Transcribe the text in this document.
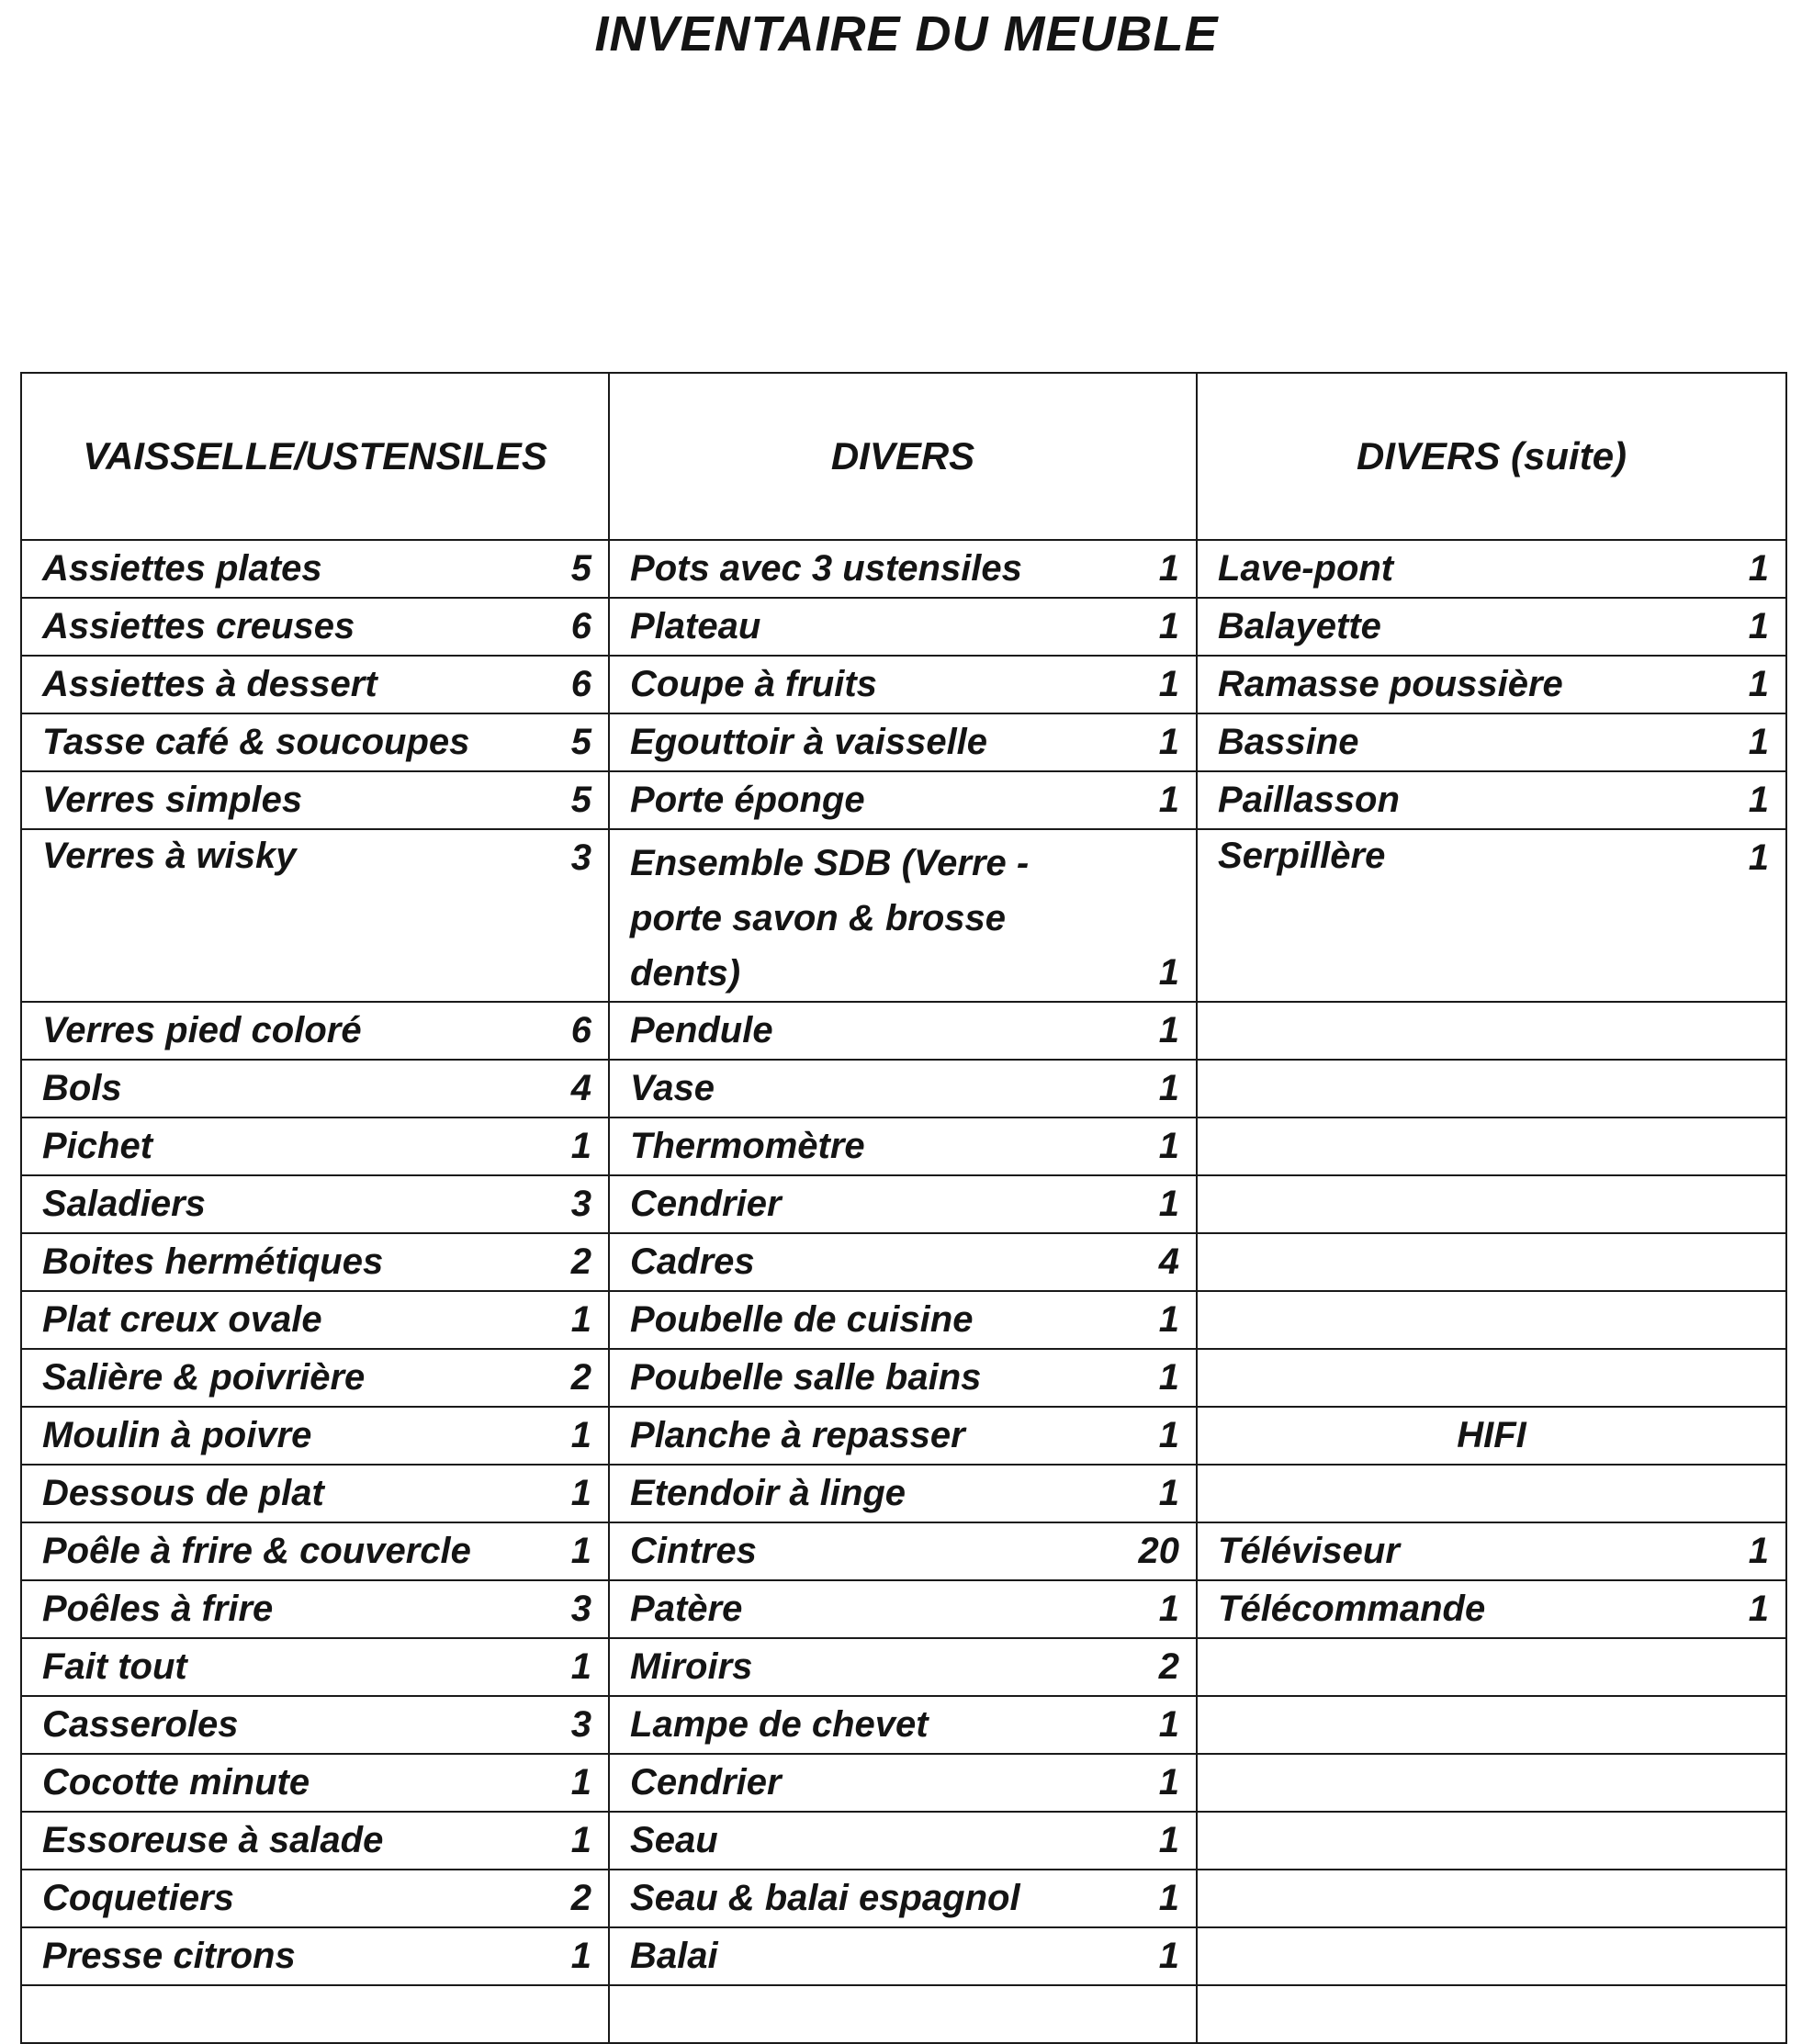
INVENTAIRE DU MEUBLE
VAISSELLE/USTENSILES		DIVERS		DIVERS (suite)	
Assiettes plates	5	Pots avec 3 ustensiles	1	Lave-pont	1
Assiettes creuses	6	Plateau	1	Balayette	1
Assiettes à dessert	6	Coupe à fruits	1	Ramasse poussière	1
Tasse café & soucoupes	5	Egouttoir à vaisselle	1	Bassine	1
Verres simples	5	Porte éponge	1	Paillasson	1
Verres à wisky	3	Ensemble SDB (Verre -porte savon & brosse dents)	1	Serpillère	1
Verres pied coloré	6	Pendule	1		
Bols	4	Vase	1		
Pichet	1	Thermomètre	1		
Saladiers	3	Cendrier	1		
Boites hermétiques	2	Cadres	4		
Plat creux ovale	1	Poubelle de cuisine	1		
Salière & poivrière	2	Poubelle salle bains	1		
Moulin à poivre	1	Planche à repasser	1	HIFI	
Dessous de plat	1	Etendoir à linge	1		
Poêle à frire & couvercle	1	Cintres	20	Téléviseur	1
Poêles à frire	3	Patère	1	Télécommande	1
Fait tout	1	Miroirs	2		
Casseroles	3	Lampe de chevet	1		
Cocotte minute	1	Cendrier	1		
Essoreuse à salade	1	Seau	1		
Coquetiers	2	Seau & balai espagnol	1		
Presse citrons	1	Balai	1		
